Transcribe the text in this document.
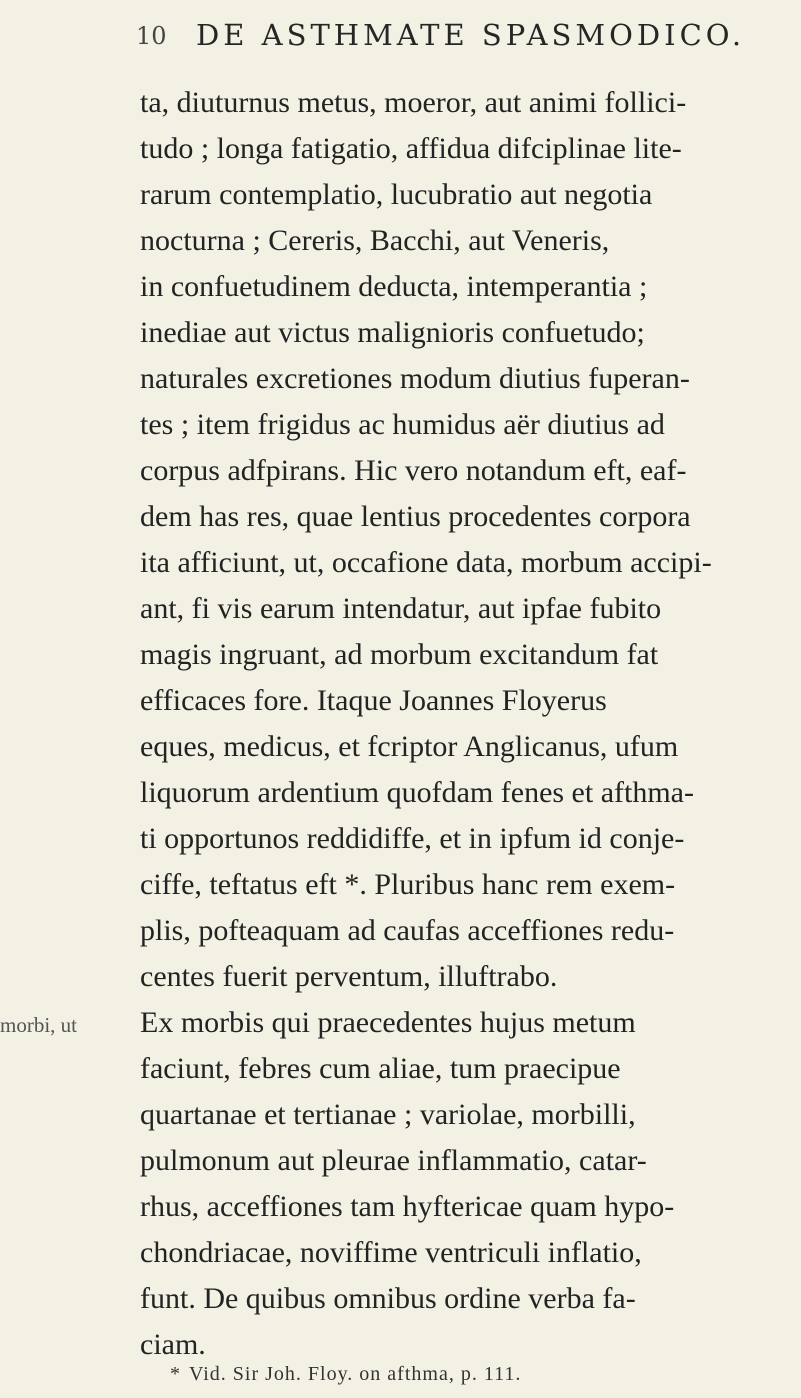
10 DE ASTHMATE SPASMODICO.
morbi, ut
ta, diuturnus metus, moeror, aut animi follici-
tudo ; longa fatigatio, affidua difciplinae lite-
rarum contemplatio, lucubratio aut negotia
nocturna ; Cereris, Bacchi, aut Veneris,
in confuetudinem deducta, intemperantia ;
inediae aut victus malignioris confuetudo;
naturales excretiones modum diutius fuperan-
tes ; item frigidus ac humidus aër diutius ad
corpus adfpirans. Hic vero notandum eft, eaf-
dem has res, quae lentius procedentes corpora
ita afficiunt, ut, occafione data, morbum accipi-
ant, fi vis earum intendatur, aut ipfae fubito
magis ingruant, ad morbum excitandum fat
efficaces fore. Itaque Joannes Floyerus
eques, medicus, et fcriptor Anglicanus, ufum
liquorum ardentium quofdam fenes et afthma-
ti opportunos reddidiffe, et in ipfum id conje-
ciffe, teftatus eft *. Pluribus hanc rem exem-
plis, pofteaquam ad caufas acceffiones redu-
centes fuerit perventum, illuftrabo.
Ex morbis qui praecedentes hujus metum
faciunt, febres cum aliae, tum praecipue
quartanae et tertianae ; variolae, morbilli,
pulmonum aut pleurae inflammatio, catar-
rhus, acceffiones tam hyftericae quam hypo-
chondriacae, noviffime ventriculi inflatio,
funt. De quibus omnibus ordine verba fa-
ciam.
* Vid. Sir Joh. Floy. on afthma, p. 111.
